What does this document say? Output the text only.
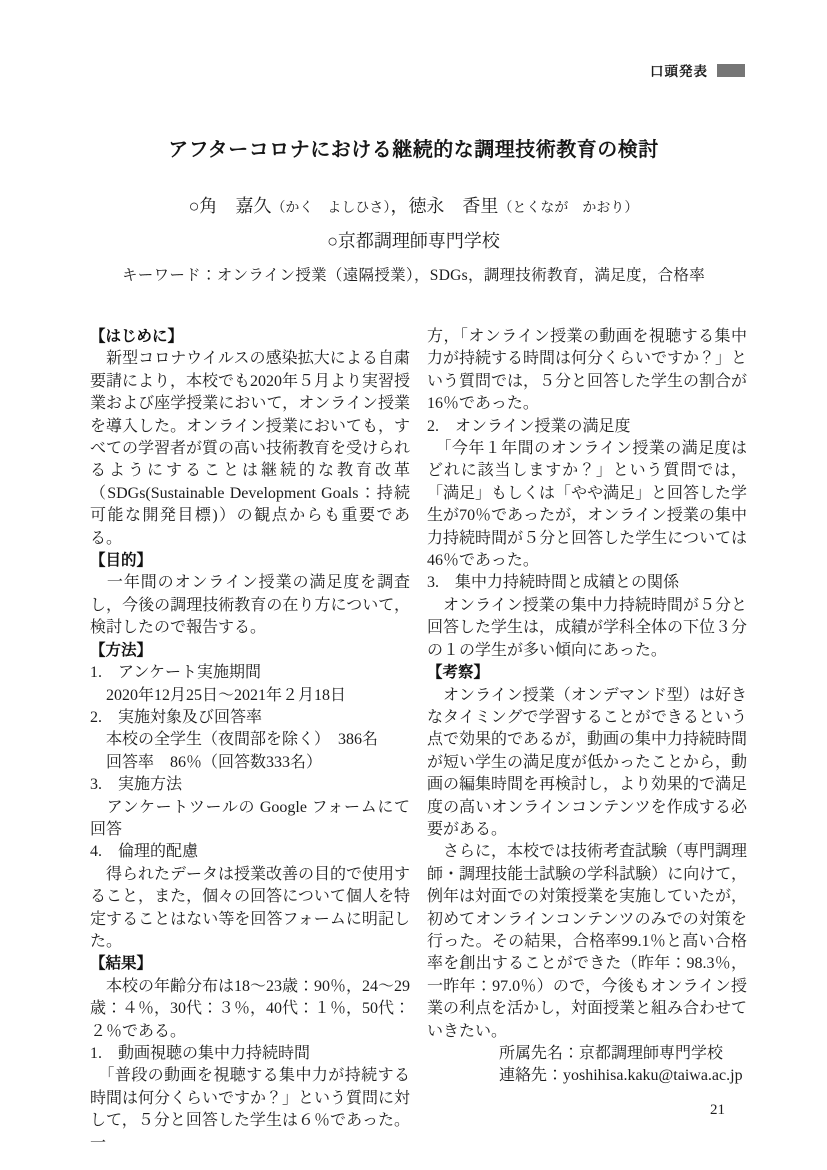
口頭発表
アフターコロナにおける継続的な調理技術教育の検討
○角　嘉久（かく　よしひさ），徳永　香里（とくなが　かおり）
○京都調理師専門学校
キーワード：オンライン授業（遠隔授業），SDGs，調理技術教育，満足度，合格率
【はじめに】
　新型コロナウイルスの感染拡大による自粛要請により，本校でも2020年５月より実習授業および座学授業において，オンライン授業を導入した。オンライン授業においても，すべての学習者が質の高い技術教育を受けられるようにすることは継続的な教育改革（SDGs(Sustainable Development Goals：持続可能な開発目標)）の観点からも重要である。
【目的】
　一年間のオンライン授業の満足度を調査し，今後の調理技術教育の在り方について，検討したので報告する。
【方法】
1.　アンケート実施期間
　2020年12月25日～2021年２月18日
2.　実施対象及び回答率
　本校の全学生（夜間部を除く）　386名
　回答率　86％（回答数333名）
3.　実施方法
　アンケートツールの Google フォームにて回答
4.　倫理的配慮
　得られたデータは授業改善の目的で使用すること，また，個々の回答について個人を特定することはない等を回答フォームに明記した。
【結果】
　本校の年齢分布は18～23歳：90％，24～29歳：４％，30代：３％，40代：１％，50代：２％である。
1.　動画視聴の集中力持続時間
　「普段の動画を視聴する集中力が持続する時間は何分くらいですか？」という質問に対して，５分と回答した学生は６％であった。一
方，「オンライン授業の動画を視聴する集中力が持続する時間は何分くらいですか？」という質問では，５分と回答した学生の割合が16％であった。
2.　オンライン授業の満足度
　「今年１年間のオンライン授業の満足度はどれに該当しますか？」という質問では，「満足」もしくは「やや満足」と回答した学生が70％であったが，オンライン授業の集中力持続時間が５分と回答した学生については46％であった。
3.　集中力持続時間と成績との関係
　オンライン授業の集中力持続時間が５分と回答した学生は，成績が学科全体の下位３分の１の学生が多い傾向にあった。
【考察】
　オンライン授業（オンデマンド型）は好きなタイミングで学習することができるという点で効果的であるが，動画の集中力持続時間が短い学生の満足度が低かったことから，動画の編集時間を再検討し，より効果的で満足度の高いオンラインコンテンツを作成する必要がある。
　さらに，本校では技術考査試験（専門調理師・調理技能士試験の学科試験）に向けて，例年は対面での対策授業を実施していたが，初めてオンラインコンテンツのみでの対策を行った。その結果，合格率99.1％と高い合格率を創出することができた（昨年：98.3％，一昨年：97.0％）ので，今後もオンライン授業の利点を活かし，対面授業と組み合わせていきたい。
所属先名：京都調理師専門学校
連絡先：yoshihisa.kaku@taiwa.ac.jp
21
